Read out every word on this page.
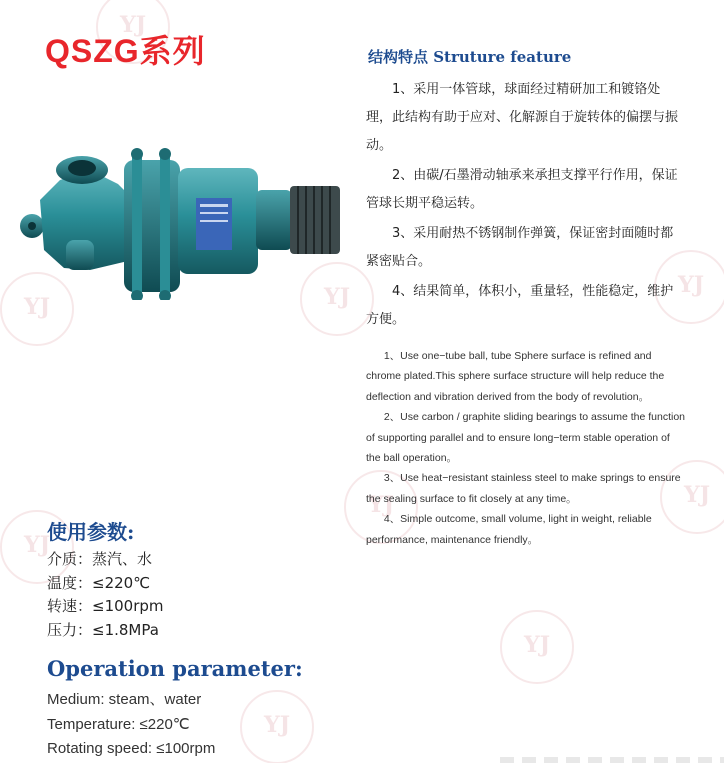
YJ
YJ
YJ
YJ
YJ
YJ
YJ
YJ
YJ
QSZG系列	结构特点 Struture feature

1、采用一体管球，球面经过精研加工和镀铬处理，此结构有助于应对、化解源自于旋转体的偏摆与振动。

2、由碳/石墨滑动轴承来承担支撑平行作用，保证管球长期平稳运转。

3、采用耐热不锈钢制作弹簧，保证密封面随时都紧密贴合。

4、结果简单，体积小，重量轻，性能稳定，维护方便。

1、Use one−tube ball, tube Sphere surface is refined and chrome plated.This sphere surface structure will help reduce the deflection and vibration derived from the body of revolution。

2、Use carbon / graphite sliding bearings to assume the function of supporting parallel and to ensure long−term stable operation of the ball operation。

3、Use heat−resistant stainless steel to make springs to ensure the sealing surface to fit closely at any time。

4、Simple outcome, small volume, light in weight, reliable performance, maintenance friendly。

使用参数:
介质：蒸汽、水
温度：≤220℃
转速：≤100rpm
压力：≤1.8MPa
Operation parameter:
Medium: steam、water
Temperature: ≤220℃
Rotating speed: ≤100rpm
